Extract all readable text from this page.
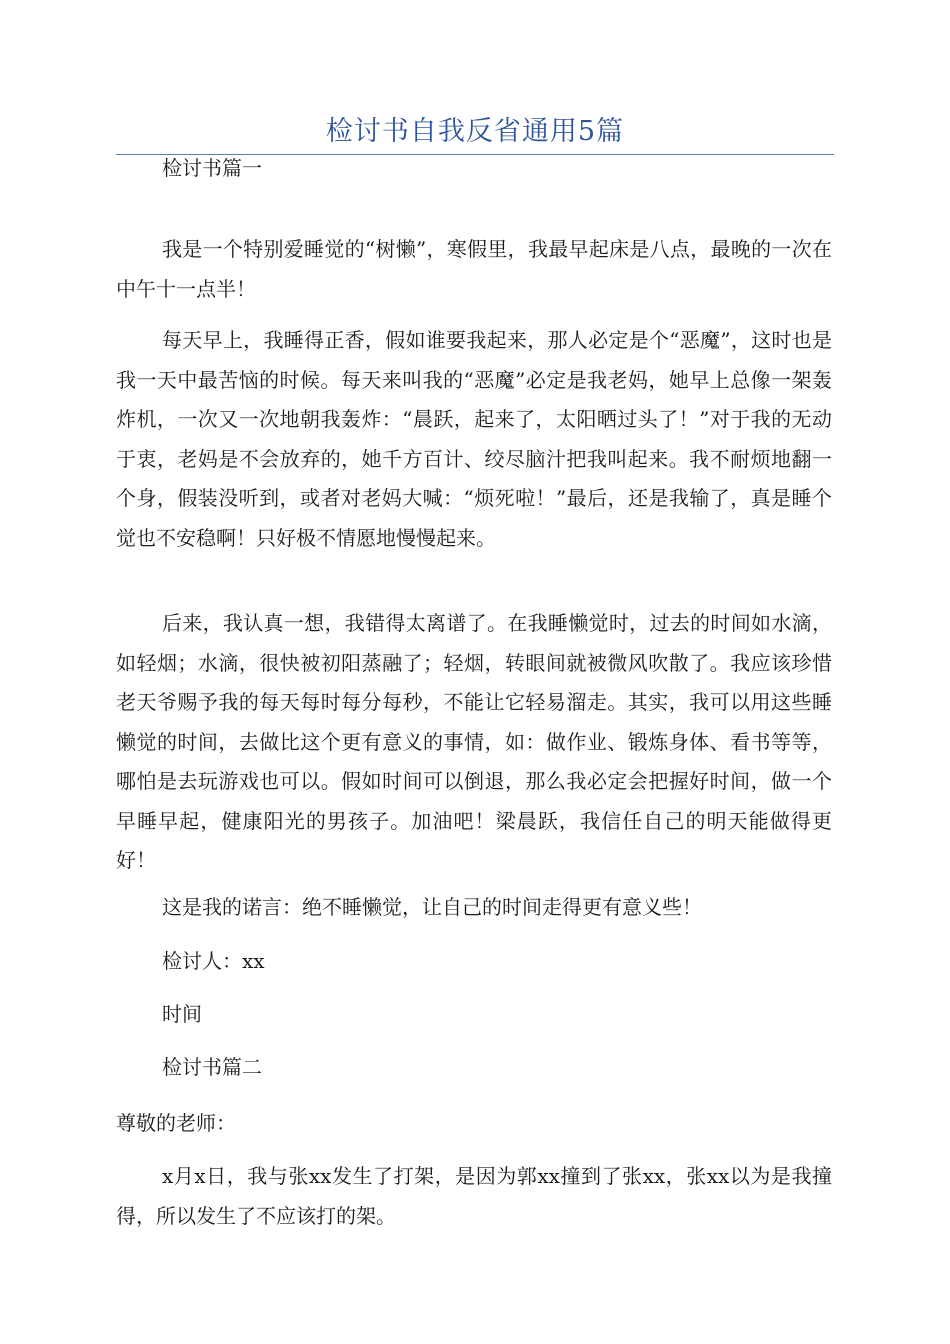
检讨书自我反省通用5篇

检讨书篇一

我是一个特别爱睡觉的“树懒”，寒假里，我最早起床是八点，最晚的一次在中午十一点半！

每天早上，我睡得正香，假如谁要我起来，那人必定是个“恶魔”，这时也是我一天中最苦恼的时候。每天来叫我的“恶魔”必定是我老妈，她早上总像一架轰炸机，一次又一次地朝我轰炸：“晨跃，起来了，太阳晒过头了！”对于我的无动于衷，老妈是不会放弃的，她千方百计、绞尽脑汁把我叫起来。我不耐烦地翻一个身，假装没听到，或者对老妈大喊：“烦死啦！”最后，还是我输了，真是睡个觉也不安稳啊！只好极不情愿地慢慢起来。

后来，我认真一想，我错得太离谱了。在我睡懒觉时，过去的时间如水滴，如轻烟；水滴，很快被初阳蒸融了；轻烟，转眼间就被微风吹散了。我应该珍惜老天爷赐予我的每天每时每分每秒，不能让它轻易溜走。其实，我可以用这些睡懒觉的时间，去做比这个更有意义的事情，如：做作业、锻炼身体、看书等等，哪怕是去玩游戏也可以。假如时间可以倒退，那么我必定会把握好时间，做一个早睡早起，健康阳光的男孩子。加油吧！梁晨跃，我信任自己的明天能做得更好！

这是我的诺言：绝不睡懒觉，让自己的时间走得更有意义些！

检讨人：xx

时间

检讨书篇二

尊敬的老师：

x月x日，我与张xx发生了打架，是因为郭xx撞到了张xx，张xx以为是我撞得，所以发生了不应该打的架。
